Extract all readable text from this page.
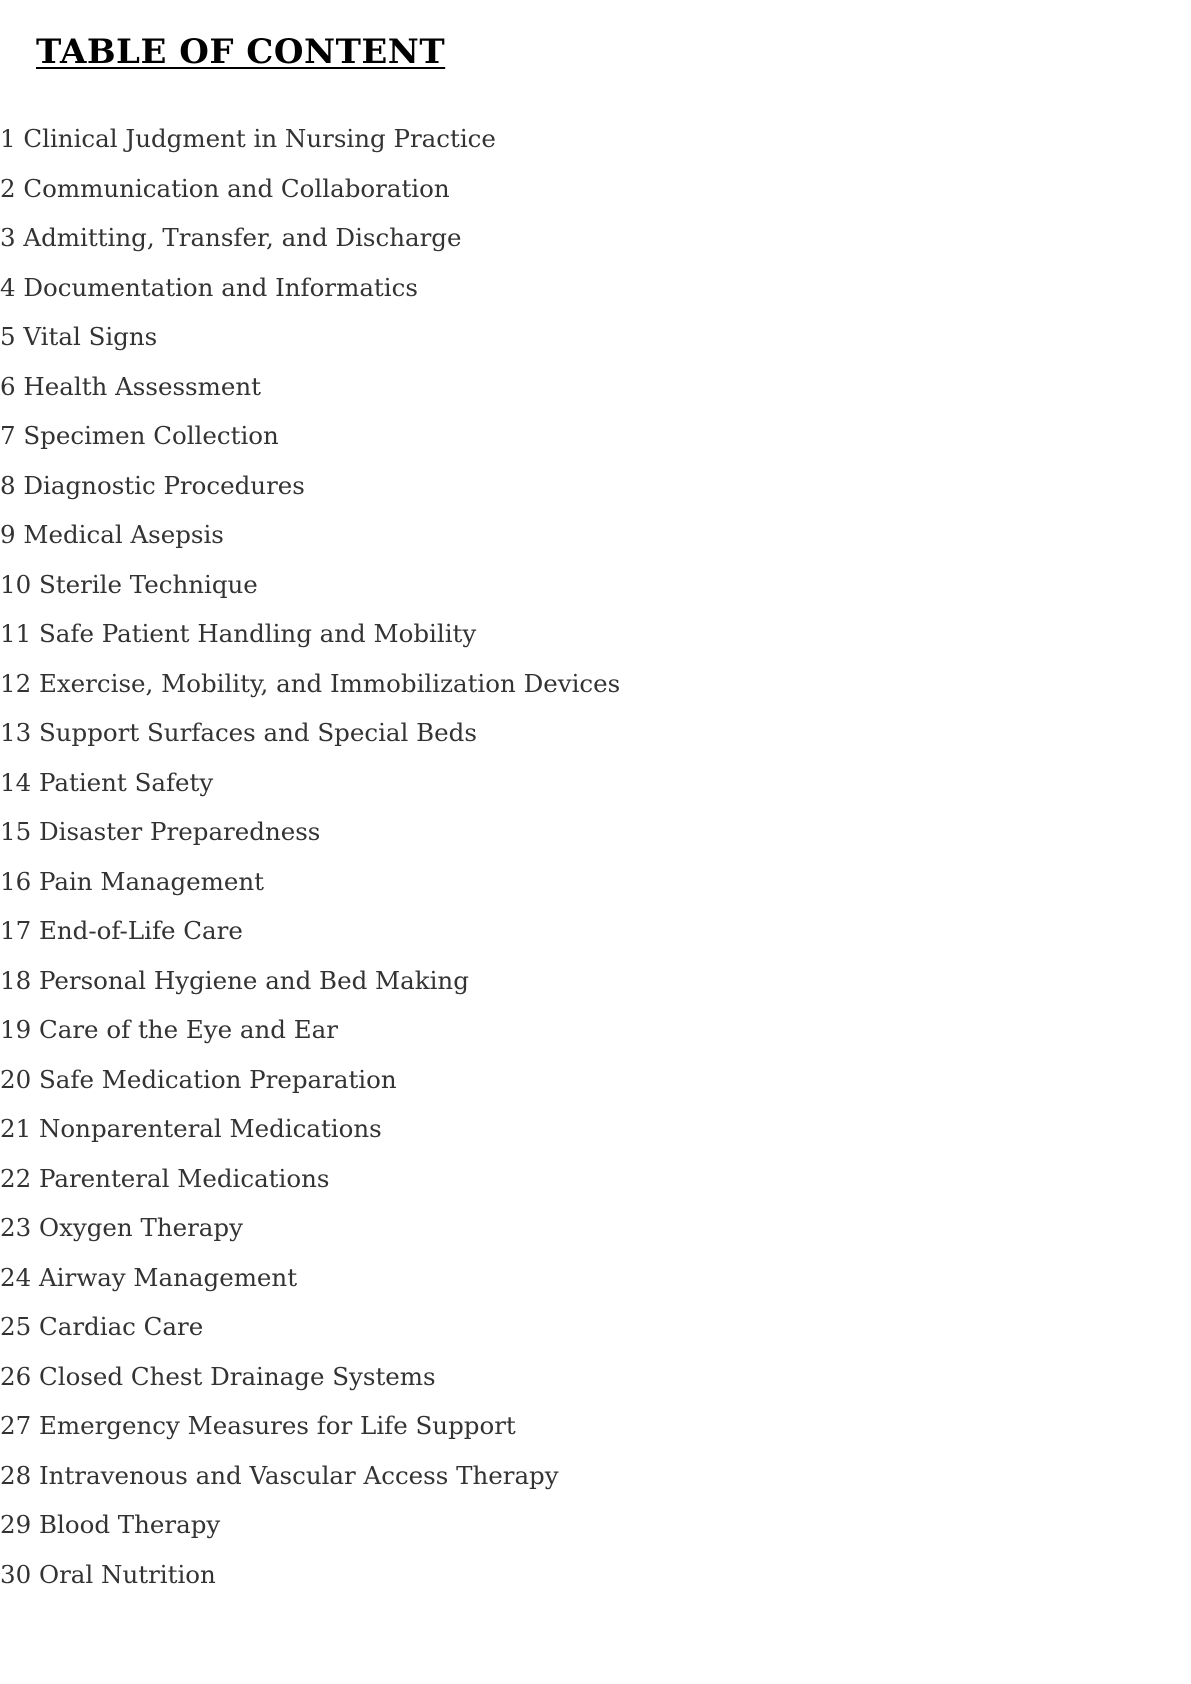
TABLE OF CONTENT
1 Clinical Judgment in Nursing Practice
2 Communication and Collaboration
3 Admitting, Transfer, and Discharge
4 Documentation and Informatics
5 Vital Signs
6 Health Assessment
7 Specimen Collection
8 Diagnostic Procedures
9 Medical Asepsis
10 Sterile Technique
11 Safe Patient Handling and Mobility
12 Exercise, Mobility, and Immobilization Devices
13 Support Surfaces and Special Beds
14 Patient Safety
15 Disaster Preparedness
16 Pain Management
17 End-of-Life Care
18 Personal Hygiene and Bed Making
19 Care of the Eye and Ear
20 Safe Medication Preparation
21 Nonparenteral Medications
22 Parenteral Medications
23 Oxygen Therapy
24 Airway Management
25 Cardiac Care
26 Closed Chest Drainage Systems
27 Emergency Measures for Life Support
28 Intravenous and Vascular Access Therapy
29 Blood Therapy
30 Oral Nutrition
